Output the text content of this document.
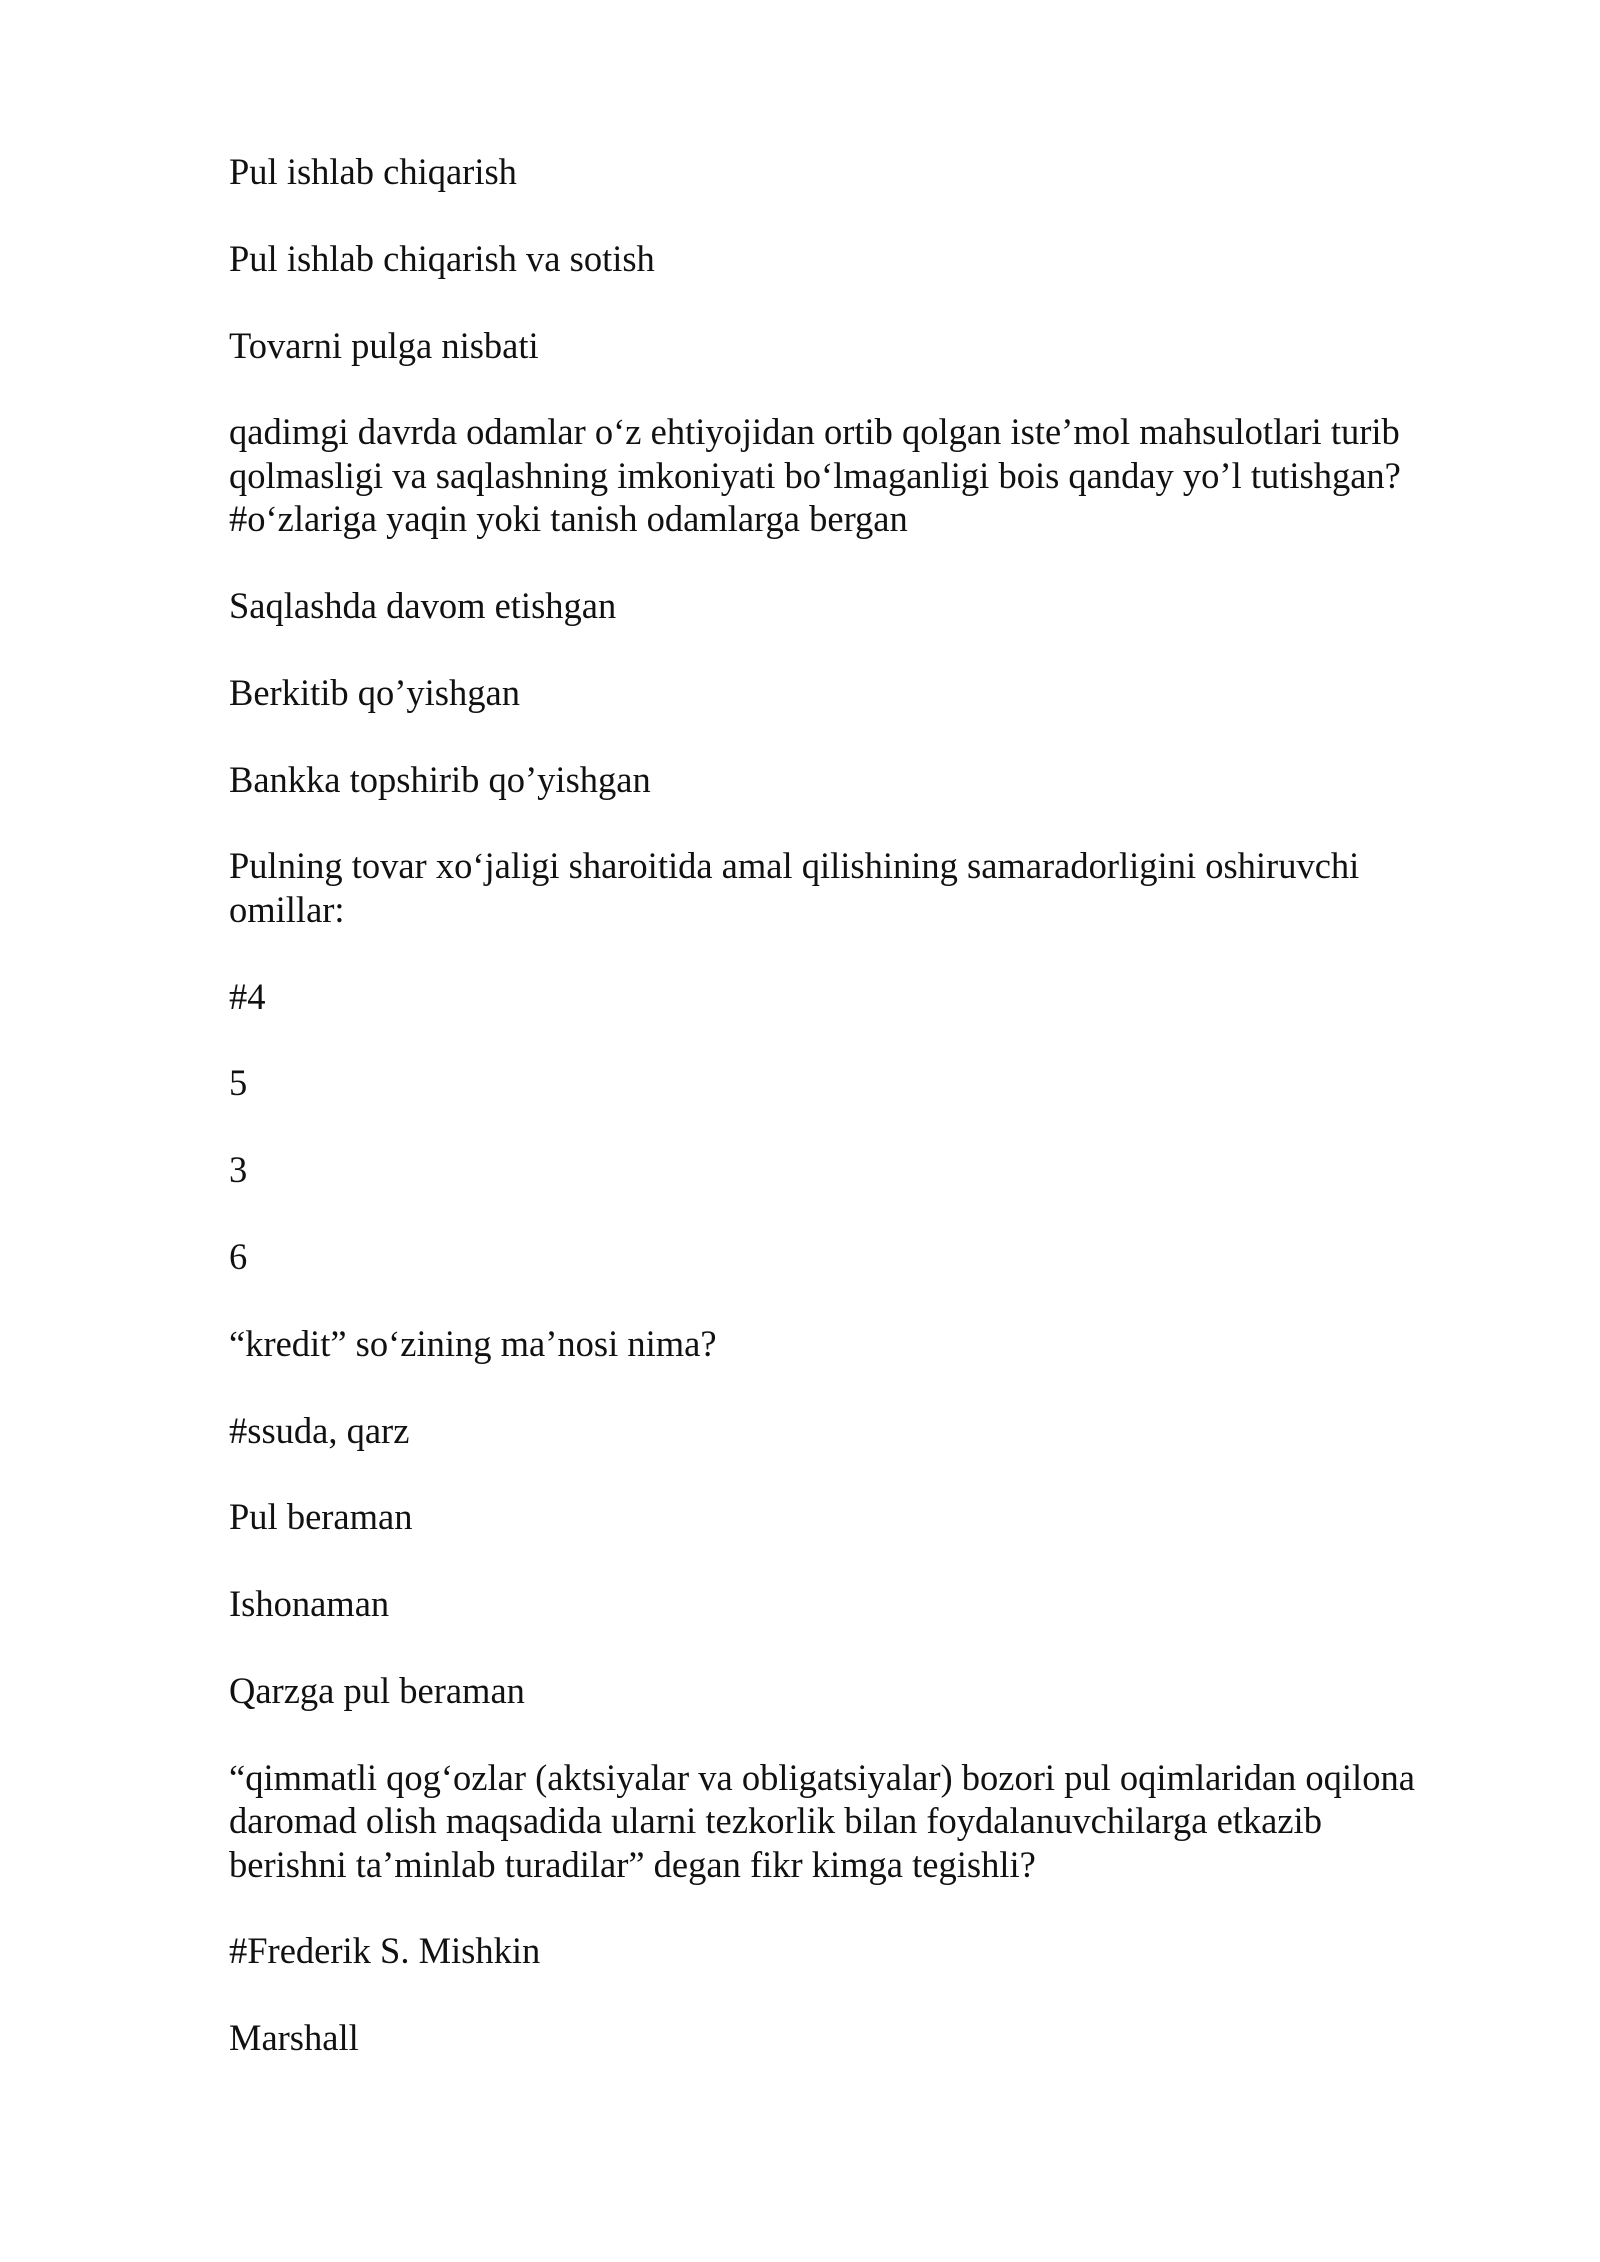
Pul ishlab chiqarish

Pul ishlab chiqarish va sotish

Tovarni pulga nisbati

qadimgi davrda odamlar o‘z ehtiyojidan ortib qolgan iste’mol mahsulotlari turib
qolmasligi va saqlashning imkoniyati bo‘lmaganligi bois qanday yo’l tutishgan?
#o‘zlariga yaqin yoki tanish odamlarga bergan

Saqlashda davom etishgan

Berkitib qo’yishgan

Bankka topshirib qo’yishgan

Pulning tovar xo‘jaligi sharoitida amal qilishining samaradorligini oshiruvchi
omillar:

#4

5

3

6

“kredit” so‘zining ma’nosi nima?

#ssuda, qarz

Pul beraman

Ishonaman

Qarzga pul beraman

“qimmatli qog‘ozlar (aktsiyalar va obligatsiyalar) bozori pul oqimlaridan oqilona
daromad olish maqsadida ularni tezkorlik bilan foydalanuvchilarga etkazib
berishni ta’minlab turadilar” degan fikr kimga tegishli?

#Frederik S. Mishkin

Marshall
